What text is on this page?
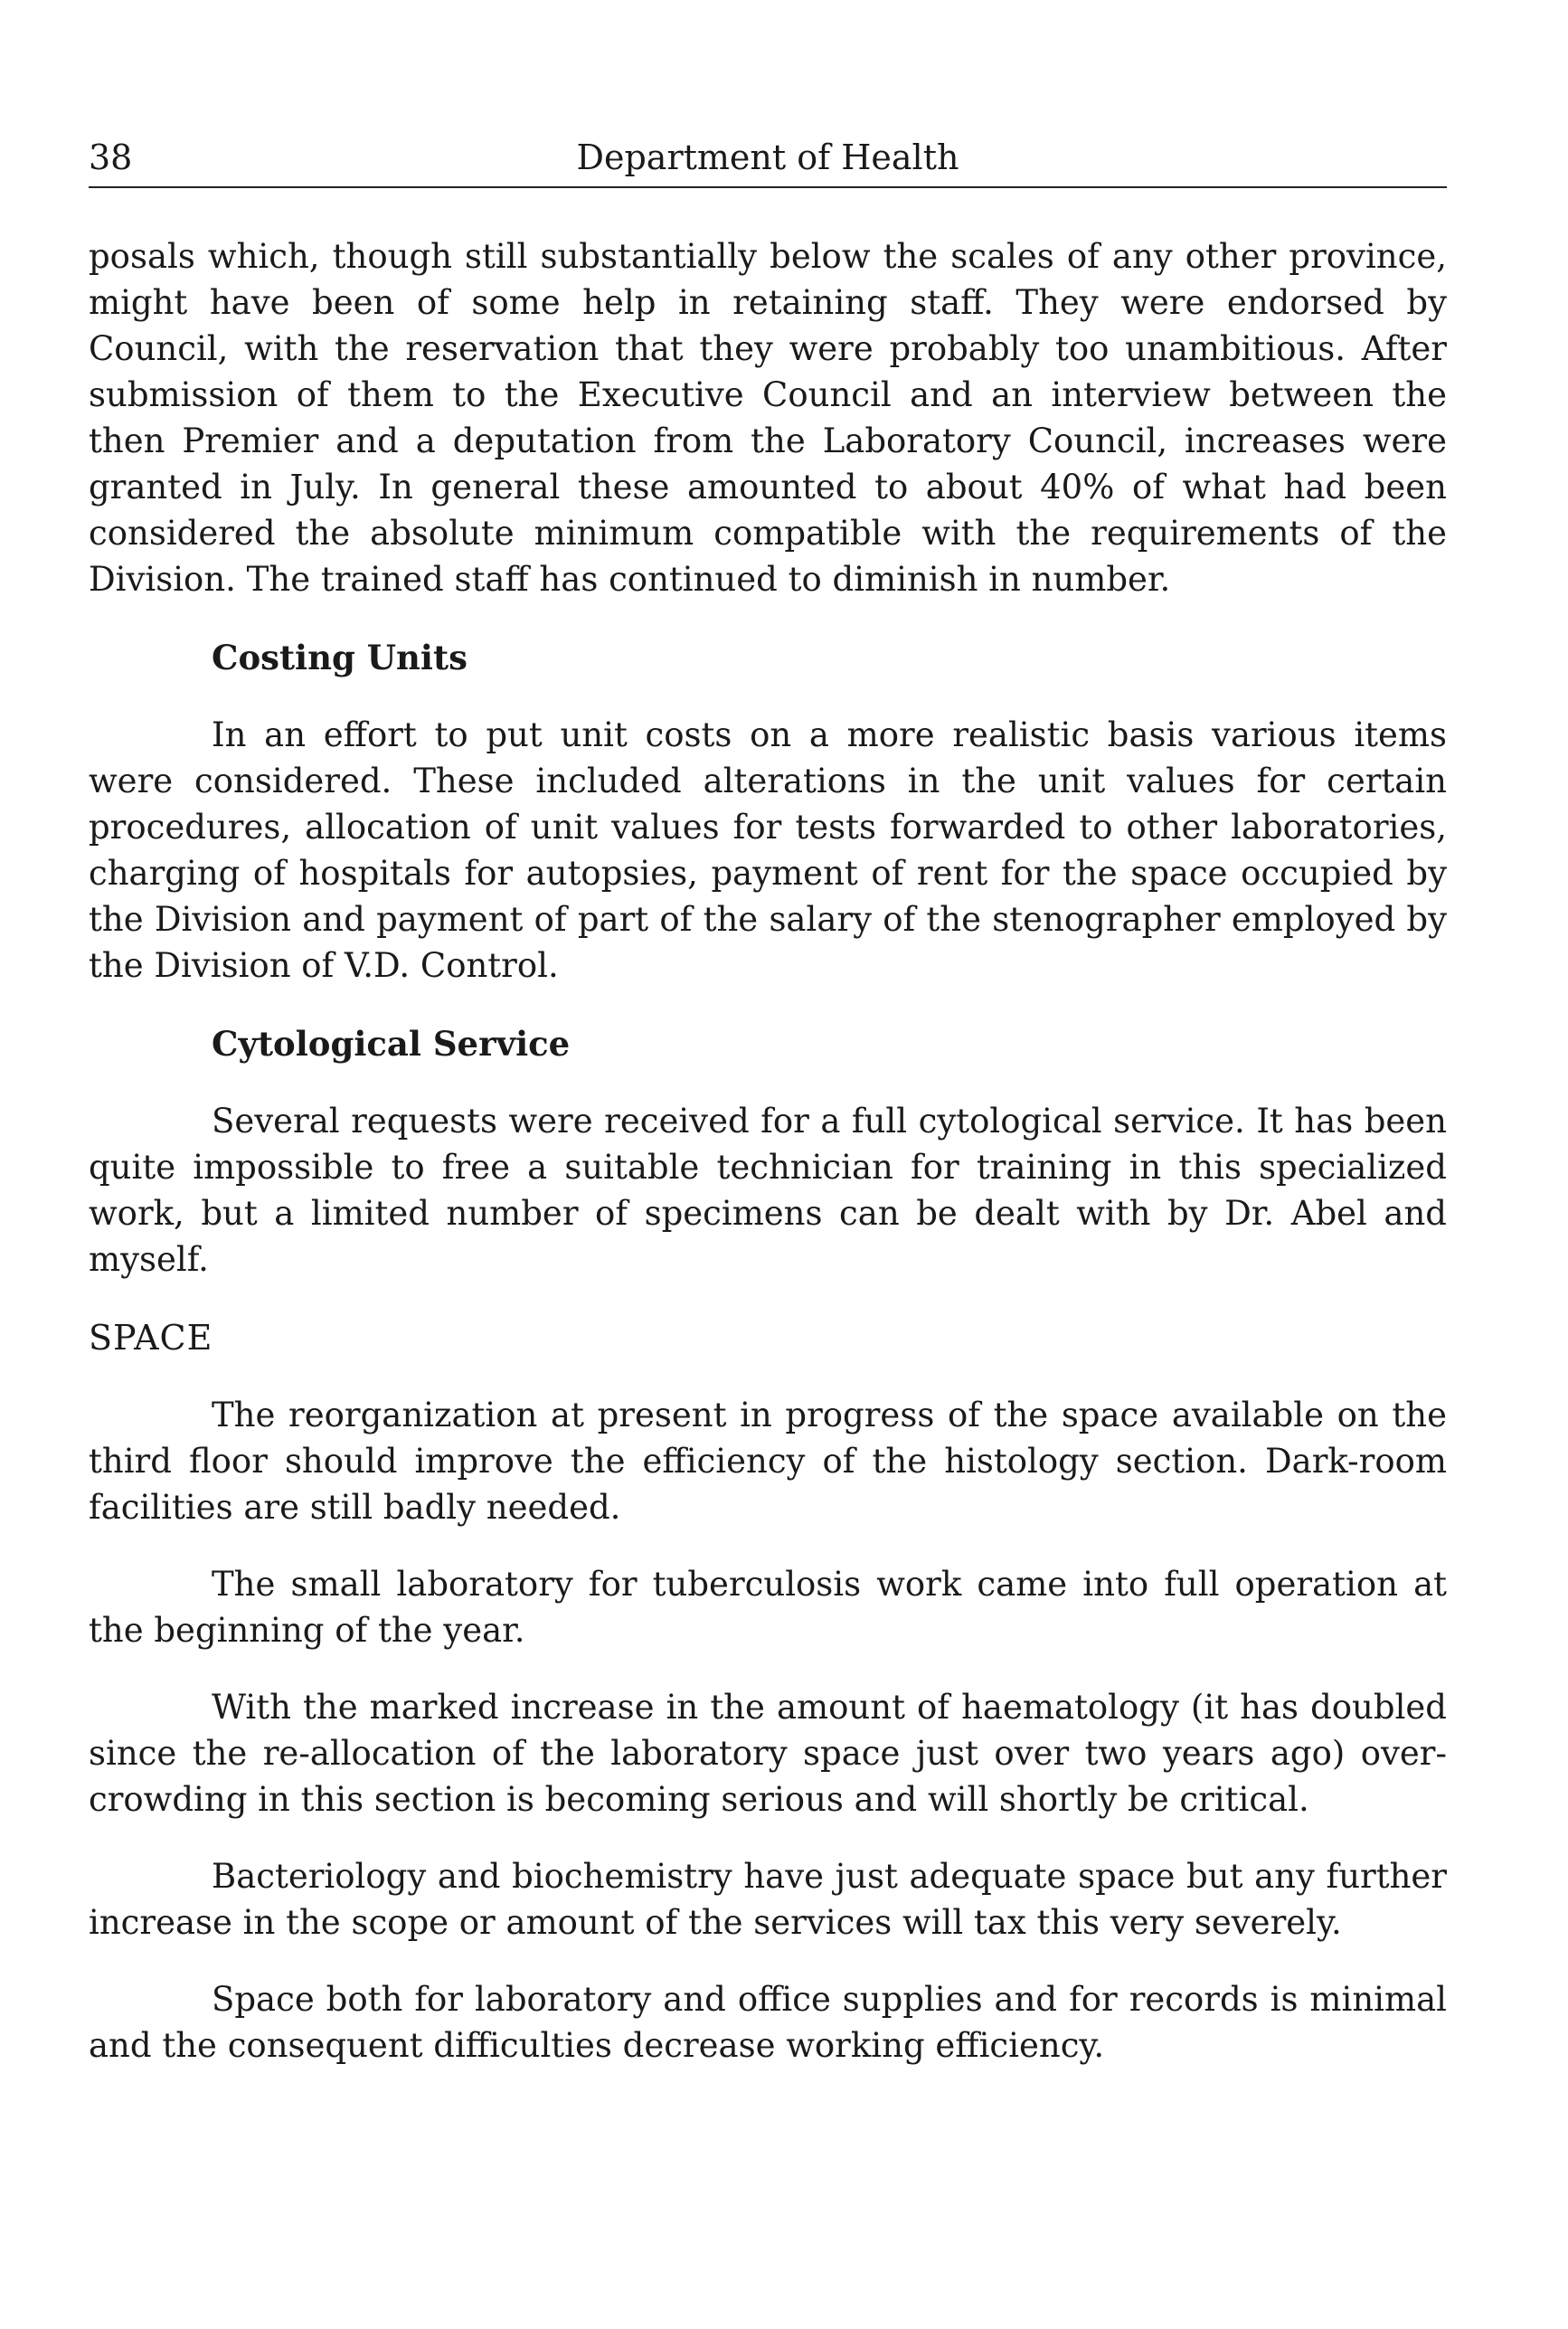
38	Department of Health

posals which, though still substantially below the scales of any other province, might have been of some help in retaining staff. They were endorsed by Council, with the reservation that they were probably too unambitious. After submission of them to the Executive Council and an interview between the then Premier and a deputation from the Laboratory Council, increases were granted in July. In general these amounted to about 40% of what had been considered the absolute minimum compatible with the requirements of the Division. The trained staff has continued to diminish in number.

Costing Units

In an effort to put unit costs on a more realistic basis various items were considered. These included alterations in the unit values for certain procedures, allocation of unit values for tests forwarded to other laboratories, charging of hospitals for autopsies, payment of rent for the space occupied by the Division and payment of part of the salary of the stenographer employed by the Division of V.D. Control.

Cytological Service

Several requests were received for a full cytological service. It has been quite impossible to free a suitable technician for training in this specialized work, but a limited number of specimens can be dealt with by Dr. Abel and myself.

SPACE

The reorganization at present in progress of the space available on the third floor should improve the efficiency of the histology section. Dark-room facilities are still badly needed.

The small laboratory for tuberculosis work came into full operation at the beginning of the year.

With the marked increase in the amount of haematology (it has doubled since the re-allocation of the laboratory space just over two years ago) over-crowding in this section is becoming serious and will shortly be critical.

Bacteriology and biochemistry have just adequate space but any further increase in the scope or amount of the services will tax this very severely.

Space both for laboratory and office supplies and for records is minimal and the consequent difficulties decrease working efficiency.
